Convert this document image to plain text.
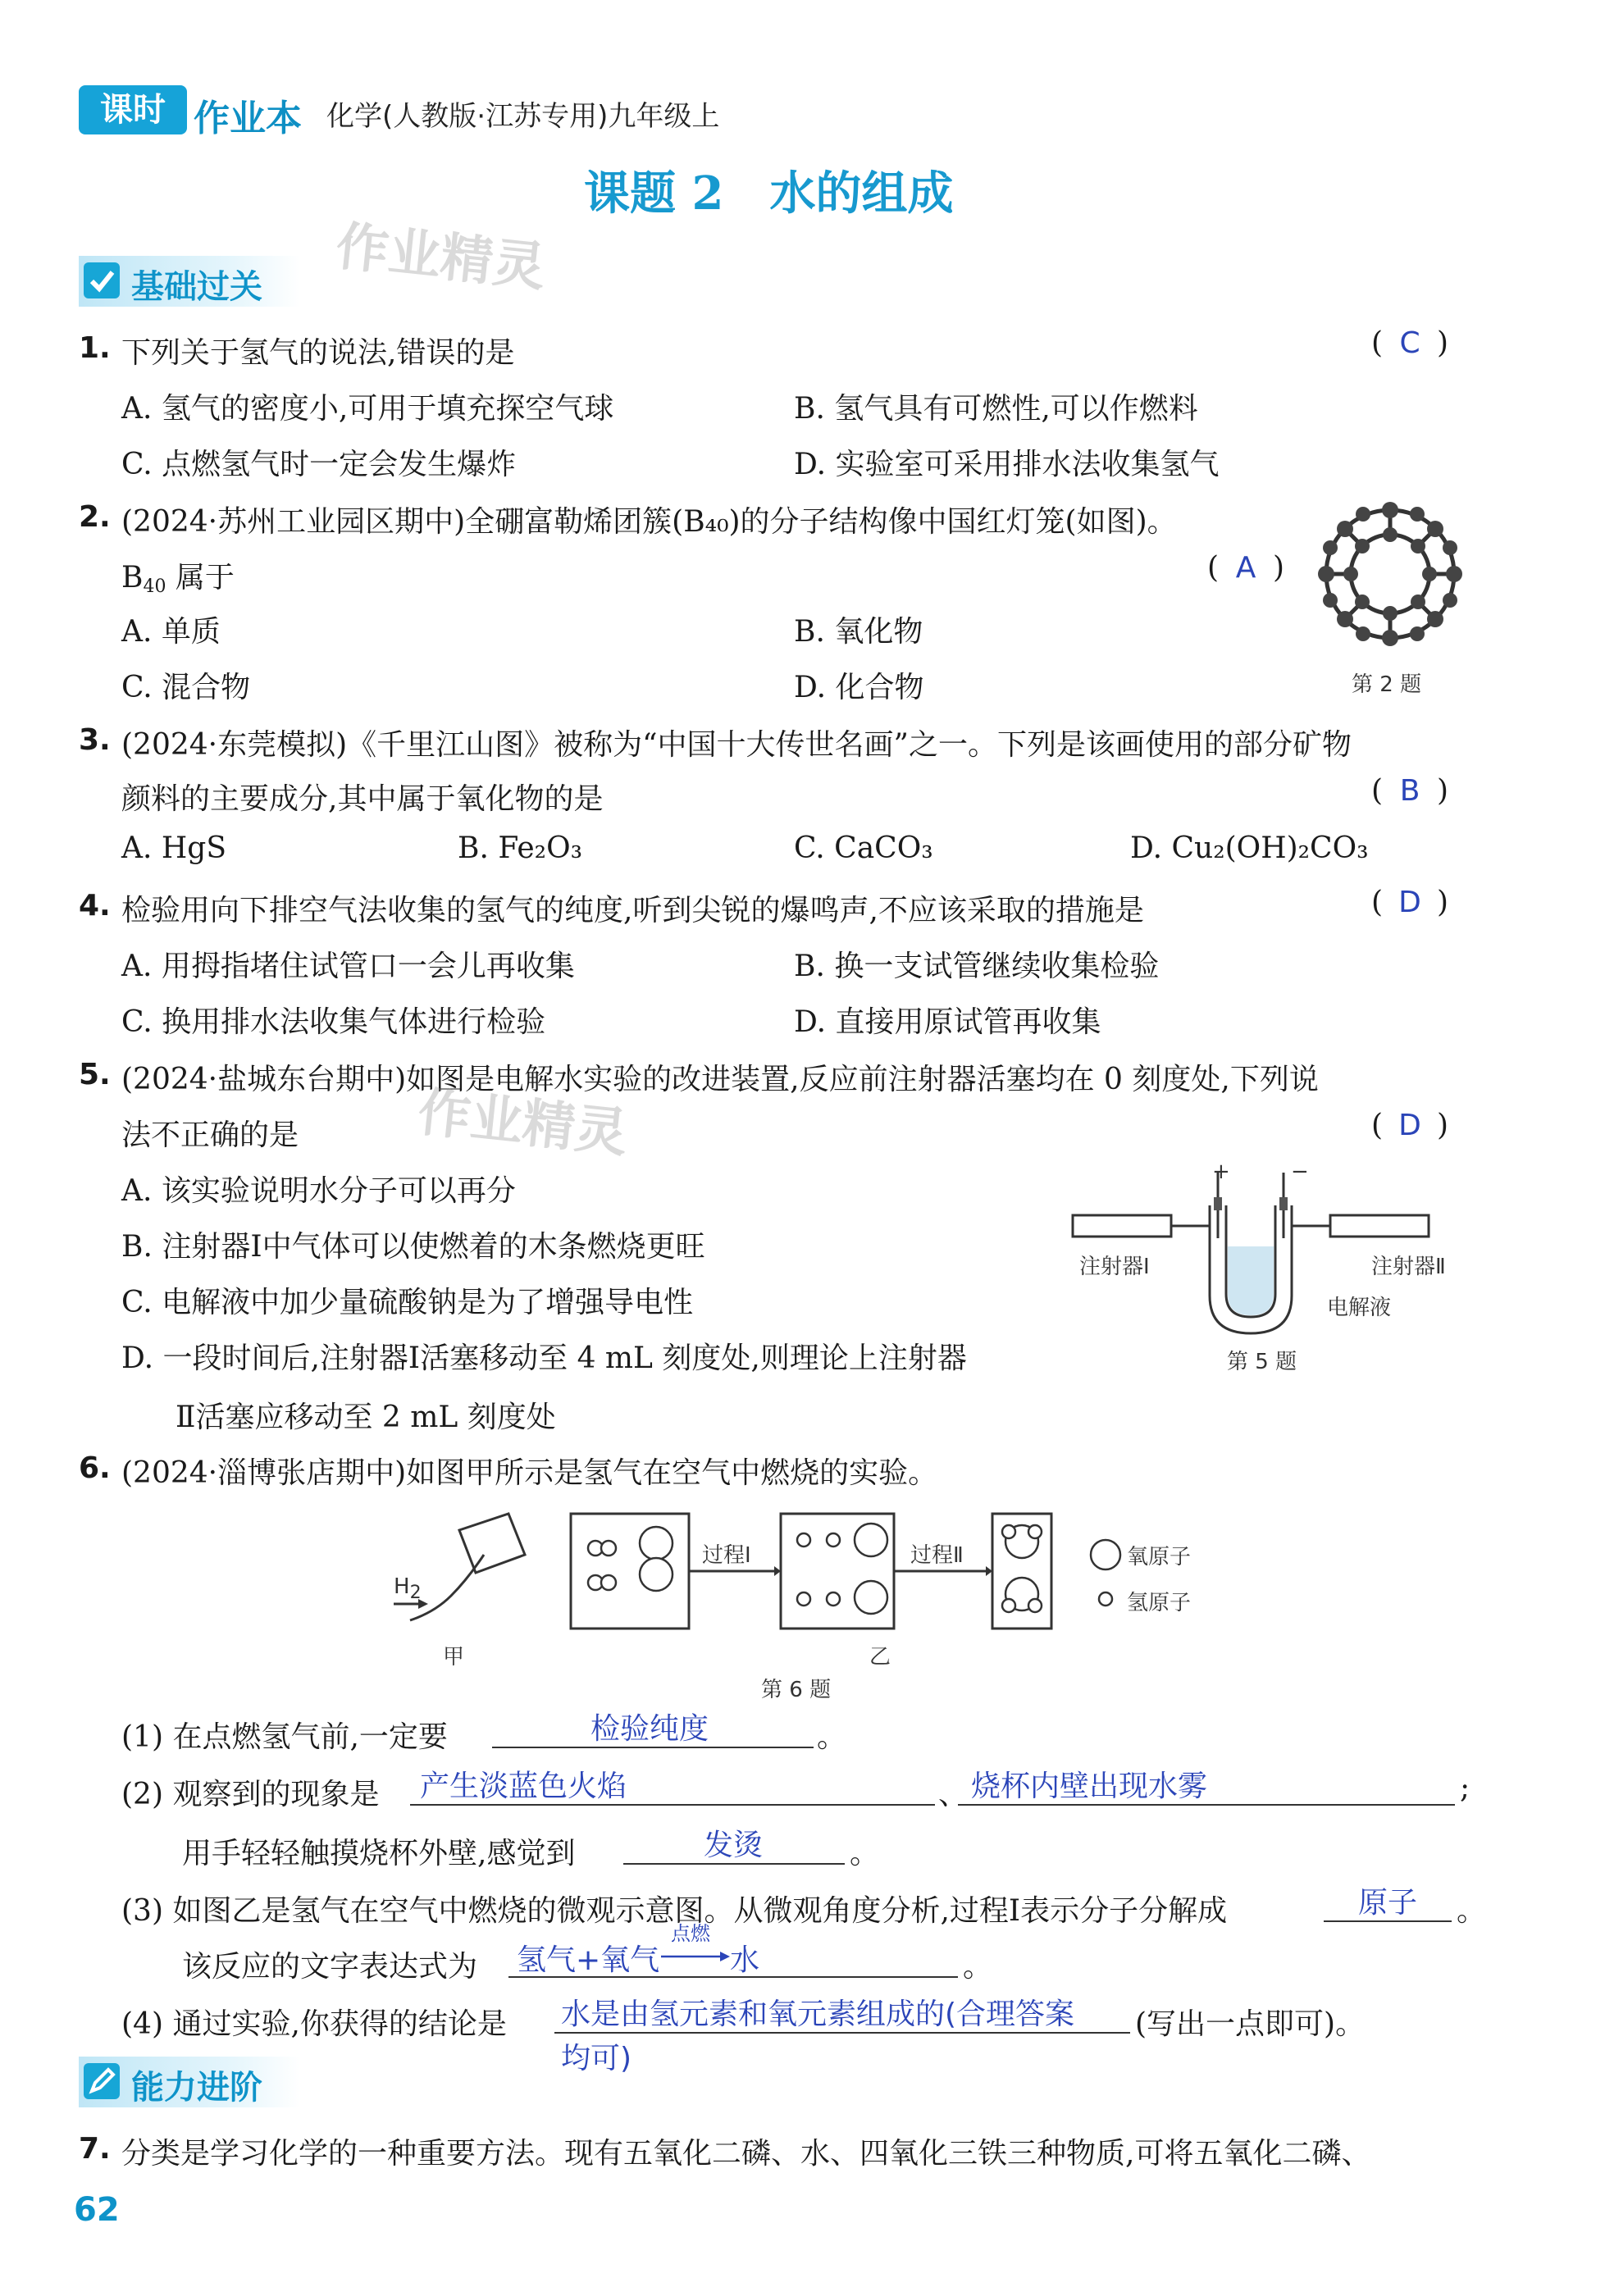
课时 作业本 化学(人教版·江苏专用)九年级上
课题 2　水的组成
作业精灵
基础过关
1. 下列关于氢气的说法,错误的是	( C )
A. 氢气的密度小,可用于填充探空气球	B. 氢气具有可燃性,可以作燃料
C. 点燃氢气时一定会发生爆炸	D. 实验室可采用排水法收集氢气
2. (2024·苏州工业园区期中)全硼富勒烯团簇(B₄₀)的分子结构像中国红灯笼(如图)。
$B_{40}$ 属于	( A )
A. 单质	B. 氧化物
C. 混合物	D. 化合物	第 2 题
3. (2024·东莞模拟)《千里江山图》被称为“中国十大传世名画”之一。下列是该画使用的部分矿物
颜料的主要成分,其中属于氧化物的是	( B )
A. HgS	B. Fe₂O₃	C. CaCO₃	D. Cu₂(OH)₂CO₃
4. 检验用向下排空气法收集的氢气的纯度,听到尖锐的爆鸣声,不应该采取的措施是	( D )
A. 用拇指堵住试管口一会儿再收集	B. 换一支试管继续收集检验
C. 换用排水法收集气体进行检验	D. 直接用原试管再收集
5. (2024·盐城东台期中)如图是电解水实验的改进装置,反应前注射器活塞均在 0 刻度处,下列说
法不正确的是 作业精灵	( D )
A. 该实验说明水分子可以再分
B. 注射器Ⅰ中气体可以使燃着的木条燃烧更旺
C. 电解液中加少量硫酸钠是为了增强导电性
D. 一段时间后,注射器Ⅰ活塞移动至 4 mL 刻度处,则理论上注射器
Ⅱ活塞应移动至 2 mL 刻度处
+	−
注射器Ⅰ	注射器Ⅱ
电解液
第 5 题
6. (2024·淄博张店期中)如图甲所示是氢气在空气中燃烧的实验。
$H_2$
甲
过程Ⅰ	过程Ⅱ
乙
氧原子
氢原子
第 6 题
(1) 在点燃氢气前,一定要	检验纯度	。
(2) 观察到的现象是 产生淡蓝色火焰	、 烧杯内壁出现水雾	;
用手轻轻触摸烧杯外壁,感觉到	发烫	。
(3) 如图乙是氢气在空气中燃烧的微观示意图。从微观角度分析,过程Ⅰ表示分子分解成	原子 。
该反应的文字表达式为 氢气+氧气
点燃
→ 水	。
(4) 通过实验,你获得的结论是 水是由氢元素和氧元素组成的(合理答案 (写出一点即可)。
均可)
能力进阶
7. 分类是学习化学的一种重要方法。现有五氧化二磷、水、四氧化三铁三种物质,可将五氧化二磷、
62
